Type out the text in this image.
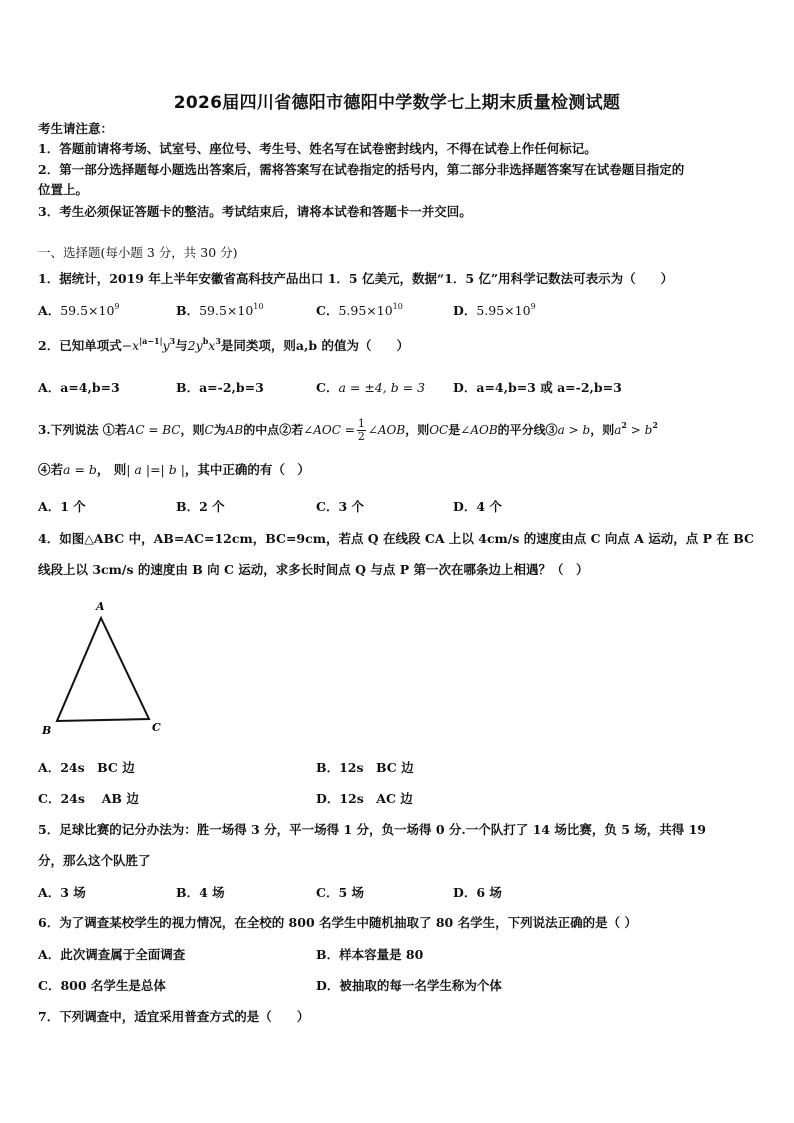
2026届四川省德阳市德阳中学数学七上期末质量检测试题
考生请注意：
1．答题前请将考场、试室号、座位号、考生号、姓名写在试卷密封线内，不得在试卷上作任何标记。
2．第一部分选择题每小题选出答案后，需将答案写在试卷指定的括号内，第二部分非选择题答案写在试卷题目指定的
位置上。
3．考生必须保证答题卡的整洁。考试结束后，请将本试卷和答题卡一并交回。
一、选择题(每小题 3 分，共 30 分)
1．据统计，2019 年上半年安徽省高科技产品出口 1．5 亿美元，数据“1．5 亿”用科学记数法可表示为（　　）
A．$59.5\times 10^9$	B．$59.5\times 10^{10}$	C．$5.95\times 10^{10}$	D．$5.95\times 10^9$
2．已知单项式$-x^{|a-1|}y^3$与$2y^bx^3$是同类项，则a,b 的值为（　　）
A．a=4,b=3	B．a=-2,b=3	C．a = ±4, b = 3 D．a=4,b=3 或 a=-2,b=3
3.下列说法 ①若AC = BC，则C为AB的中点②若∠AOC = $\frac{1}{2}$ ∠AOB，则OC是∠AOB的平分线③a > b，则$a^2 > b^2$
④若a = b， 则| a |=| b |，其中正确的有（　）
A．1 个	B．2 个	C．3 个	D．4 个
4．如图△ABC 中，AB=AC=12cm，BC=9cm，若点 Q 在线段 CA 上以 4cm/s 的速度由点 C 向点 A 运动，点 P 在 BC
线段上以 3cm/s 的速度由 B 向 C 运动，求多长时间点 Q 与点 P 第一次在哪条边上相遇？（　）
A
B	C
A．24s　BC 边	B．12s　BC 边
C．24s　 AB 边	D．12s　AC 边
5．足球比赛的记分办法为：胜一场得 3 分，平一场得 1 分，负一场得 0 分.一个队打了 14 场比赛，负 5 场，共得 19
分，那么这个队胜了
A．3 场	B．4 场	C．5 场	D．6 场
6．为了调查某校学生的视力情况，在全校的 800 名学生中随机抽取了 80 名学生，下列说法正确的是（ ）
A．此次调查属于全面调查	B．样本容量是 80
C．800 名学生是总体	D．被抽取的每一名学生称为个体
7．下列调查中，适宜采用普查方式的是（　　）
